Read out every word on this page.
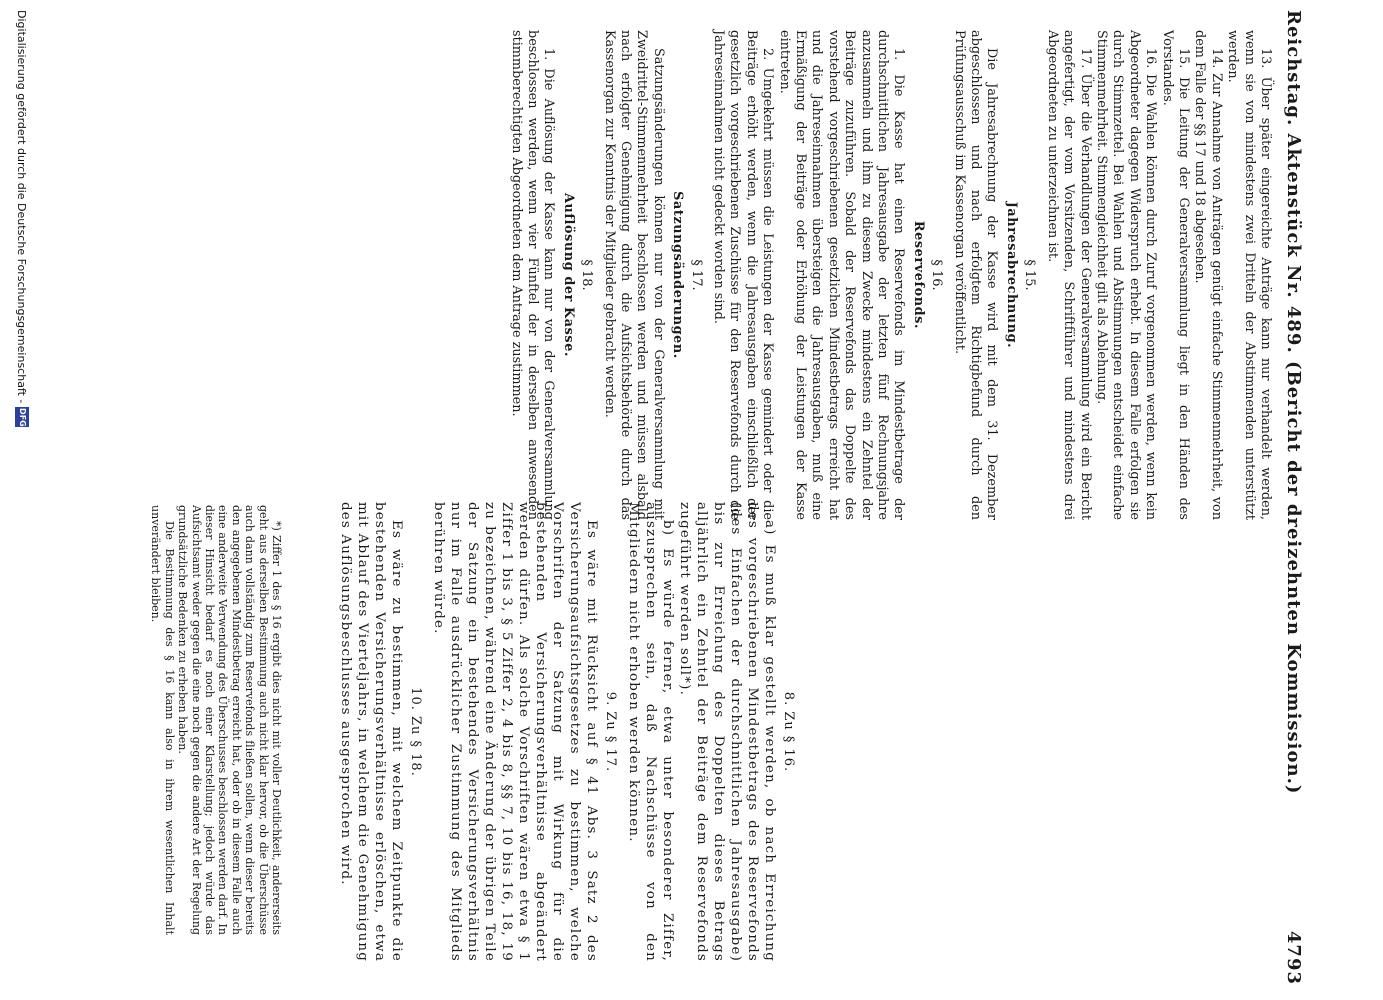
Reichstag. Aktenstück Nr. 489. (Bericht der dreizehnten Kommission.)
4793

13. Über später eingereichte Anträge kann nur verhandelt werden, wenn sie von mindestens zwei Dritteln der Abstimmenden unterstützt werden.

14. Zur Annahme von Anträgen genügt einfache Stimmenmehrheit, von dem Falle der §§ 17 und 18 abgesehen.

15. Die Leitung der Generalversammlung liegt in den Händen des Vorstandes.

16. Die Wahlen können durch Zuruf vorgenommen werden, wenn kein Abgeordneter dagegen Widerspruch erhebt. In diesem Falle erfolgen sie durch Stimmzettel. Bei Wahlen und Abstimmungen entscheidet einfache Stimmenmehrheit. Stimmengleichheit gilt als Ablehnung.

17. Über die Verhandlungen der Generalversammlung wird ein Bericht angefertigt, der vom Vorsitzenden, Schriftführer und mindestens drei Abgeordneten zu unterzeichnen ist.

§ 15.
Jahresabrechnung.

Die Jahresabrechnung der Kasse wird mit dem 31. Dezember abgeschlossen und nach erfolgtem Richtigbefund durch den Prüfungsausschuß im Kassenorgan veröffentlicht.

§ 16.
Reservefonds.

1. Die Kasse hat einen Reservefonds im Mindestbetrage der durchschnittlichen Jahresausgabe der letzten fünf Rechnungsjahre anzusammeln und ihm zu diesem Zwecke mindestens ein Zehntel der Beiträge zuzuführen. Sobald der Reservefonds das Doppelte des vorstehend vorgeschriebenen gesetzlichen Mindestbetrags erreicht hat und die Jahreseinnahmen übersteigen die Jahresausgaben, muß eine Ermäßigung der Beiträge oder Erhöhung der Leistungen der Kasse eintreten.

2. Umgekehrt müssen die Leistungen der Kasse gemindert oder die Beiträge erhöht werden, wenn die Jahresausgaben einschließlich der gesetzlich vorgeschriebenen Zuschüsse für den Reservefonds durch die Jahreseinnahmen nicht gedeckt worden sind.

§ 17.
Satzungsänderungen.

Satzungsänderungen können nur von der Generalversammlung mit Zweidrittel-Stimmenmehrheit beschlossen werden und müssen alsbald nach erfolgter Genehmigung durch die Aufsichtsbehörde durch das Kassenorgan zur Kenntnis der Mitglieder gebracht werden.

§ 18.
Auflösung der Kasse.

1. Die Auflösung der Kasse kann nur von der Generalversammlung beschlossen werden, wenn vier Fünftel der in derselben anwesenden stimmberechtigten Abgeordneten dem Antrage zustimmen.

8. Zu § 16.

a) Es muß klar gestellt werden, ob nach Erreichung des vorgeschriebenen Mindestbetrags des Reservefonds (des Einfachen der durchschnittlichen Jahresausgabe) bis zur Erreichung des Doppelten dieses Betrags alljährlich ein Zehntel der Beiträge dem Reservefonds zugeführt werden soll*).

b) Es würde ferner, etwa unter besonderer Ziffer, auszusprechen sein, daß Nachschüsse von den Mitgliedern nicht erhoben werden können.

9. Zu § 17.

Es wäre mit Rücksicht auf § 41 Abs. 3 Satz 2 des Versicherungsaufsichtsgesetzes zu bestimmen, welche Vorschriften der Satzung mit Wirkung für die bestehenden Versicherungsverhältnisse abgeändert werden dürfen. Als solche Vorschriften wären etwa § 1 Ziffer 1 bis 3, § 5 Ziffer 2, 4 bis 8, §§ 7, 10 bis 16, 18, 19 zu bezeichnen, während eine Änderung der übrigen Teile der Satzung ein bestehendes Versicherungsverhältnis nur im Falle ausdrücklicher Zustimmung des Mitglieds berühren würde.

10. Zu § 18.

Es wäre zu bestimmen, mit welchem Zeitpunkte die bestehenden Versicherungsverhältnisse erlöschen, etwa mit Ablauf des Vierteljahrs, in welchem die Genehmigung des Auflösungsbeschlusses ausgesprochen wird.

*) Ziffer 1 des § 16 ergibt dies nicht mit voller Deutlichkeit, andererseits geht aus derselben Bestimmung auch nicht klar hervor, ob die Überschüsse auch dann vollständig zum Reservefonds fließen sollen, wenn dieser bereits den angegebenen Mindestbetrag erreicht hat, oder ob in diesem Falle auch eine anderweite Verwendung des Überschusses beschlossen werden darf. In dieser Hinsicht bedarf es noch einer Klarstellung; jedoch würde das Aufsichtsamt weder gegen die eine noch gegen die andere Art der Regelung grundsätzliche Bedenken zu erheben haben.

Die Bestimmung des § 16 kann also in ihrem wesentlichen Inhalt unverändert bleiben.

Digitalisierung gefördert durch die Deutsche Forschungsgemeinschaft -
DFG
